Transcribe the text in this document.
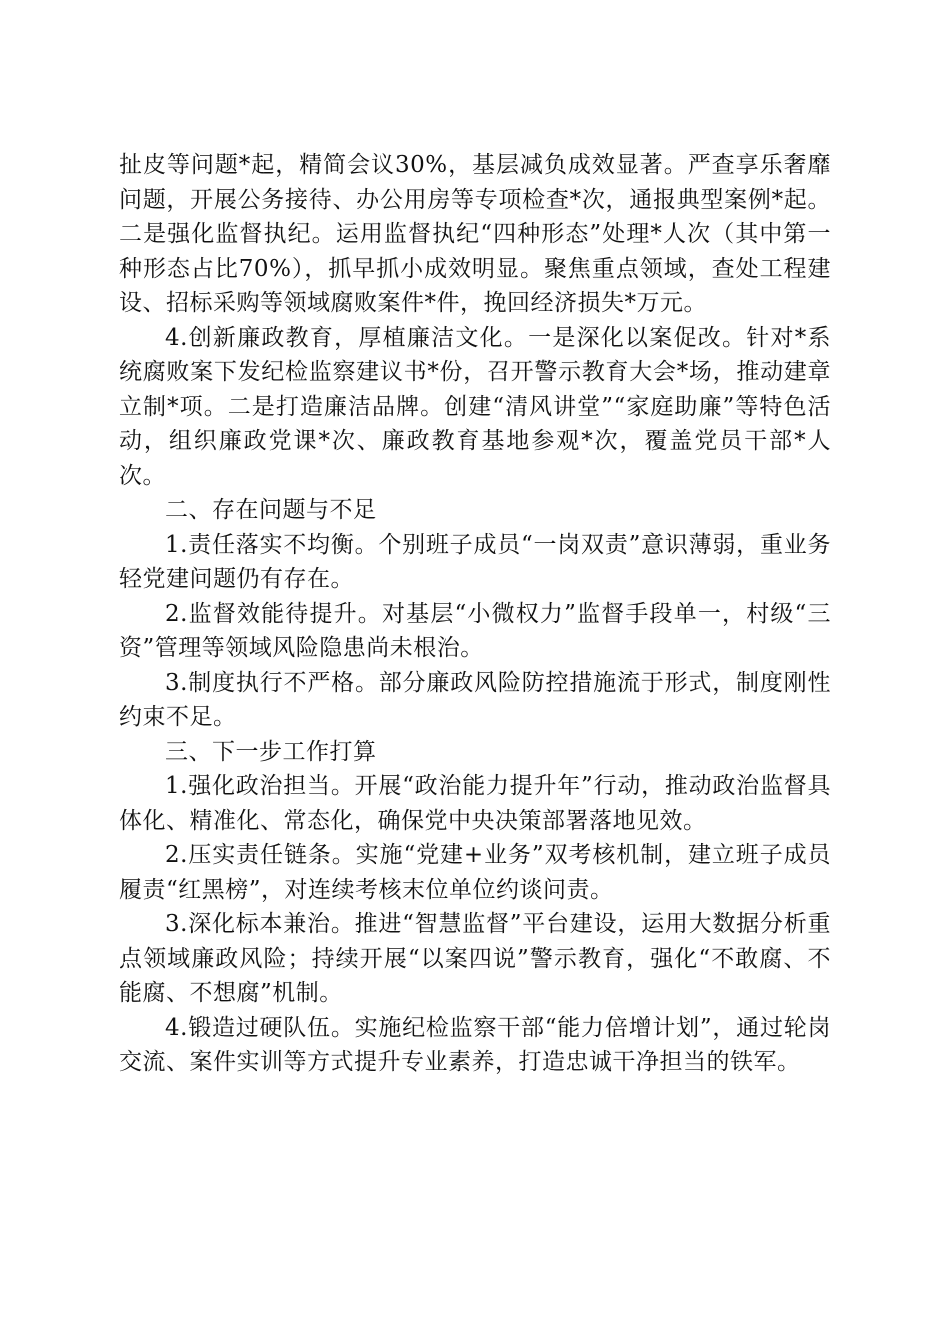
扯皮等问题*起，精简会议30%，基层减负成效显著。严查享乐奢靡问题，开展公务接待、办公用房等专项检查*次，通报典型案例*起。二是强化监督执纪。运用监督执纪“四种形态”处理*人次（其中第一种形态占比70%），抓早抓小成效明显。聚焦重点领域，查处工程建设、招标采购等领域腐败案件*件，挽回经济损失*万元。

4.创新廉政教育，厚植廉洁文化。一是深化以案促改。针对*系统腐败案下发纪检监察建议书*份，召开警示教育大会*场，推动建章立制*项。二是打造廉洁品牌。创建“清风讲堂”“家庭助廉”等特色活动，组织廉政党课*次、廉政教育基地参观*次，覆盖党员干部*人次。

二、存在问题与不足

1.责任落实不均衡。个别班子成员“一岗双责”意识薄弱，重业务轻党建问题仍有存在。

2.监督效能待提升。对基层“小微权力”监督手段单一，村级“三资”管理等领域风险隐患尚未根治。

3.制度执行不严格。部分廉政风险防控措施流于形式，制度刚性约束不足。

三、下一步工作打算

1.强化政治担当。开展“政治能力提升年”行动，推动政治监督具体化、精准化、常态化，确保党中央决策部署落地见效。

2.压实责任链条。实施“党建+业务”双考核机制，建立班子成员履责“红黑榜”，对连续考核末位单位约谈问责。

3.深化标本兼治。推进“智慧监督”平台建设，运用大数据分析重点领域廉政风险；持续开展“以案四说”警示教育，强化“不敢腐、不能腐、不想腐”机制。

4.锻造过硬队伍。实施纪检监察干部“能力倍增计划”，通过轮岗交流、案件实训等方式提升专业素养，打造忠诚干净担当的铁军。
